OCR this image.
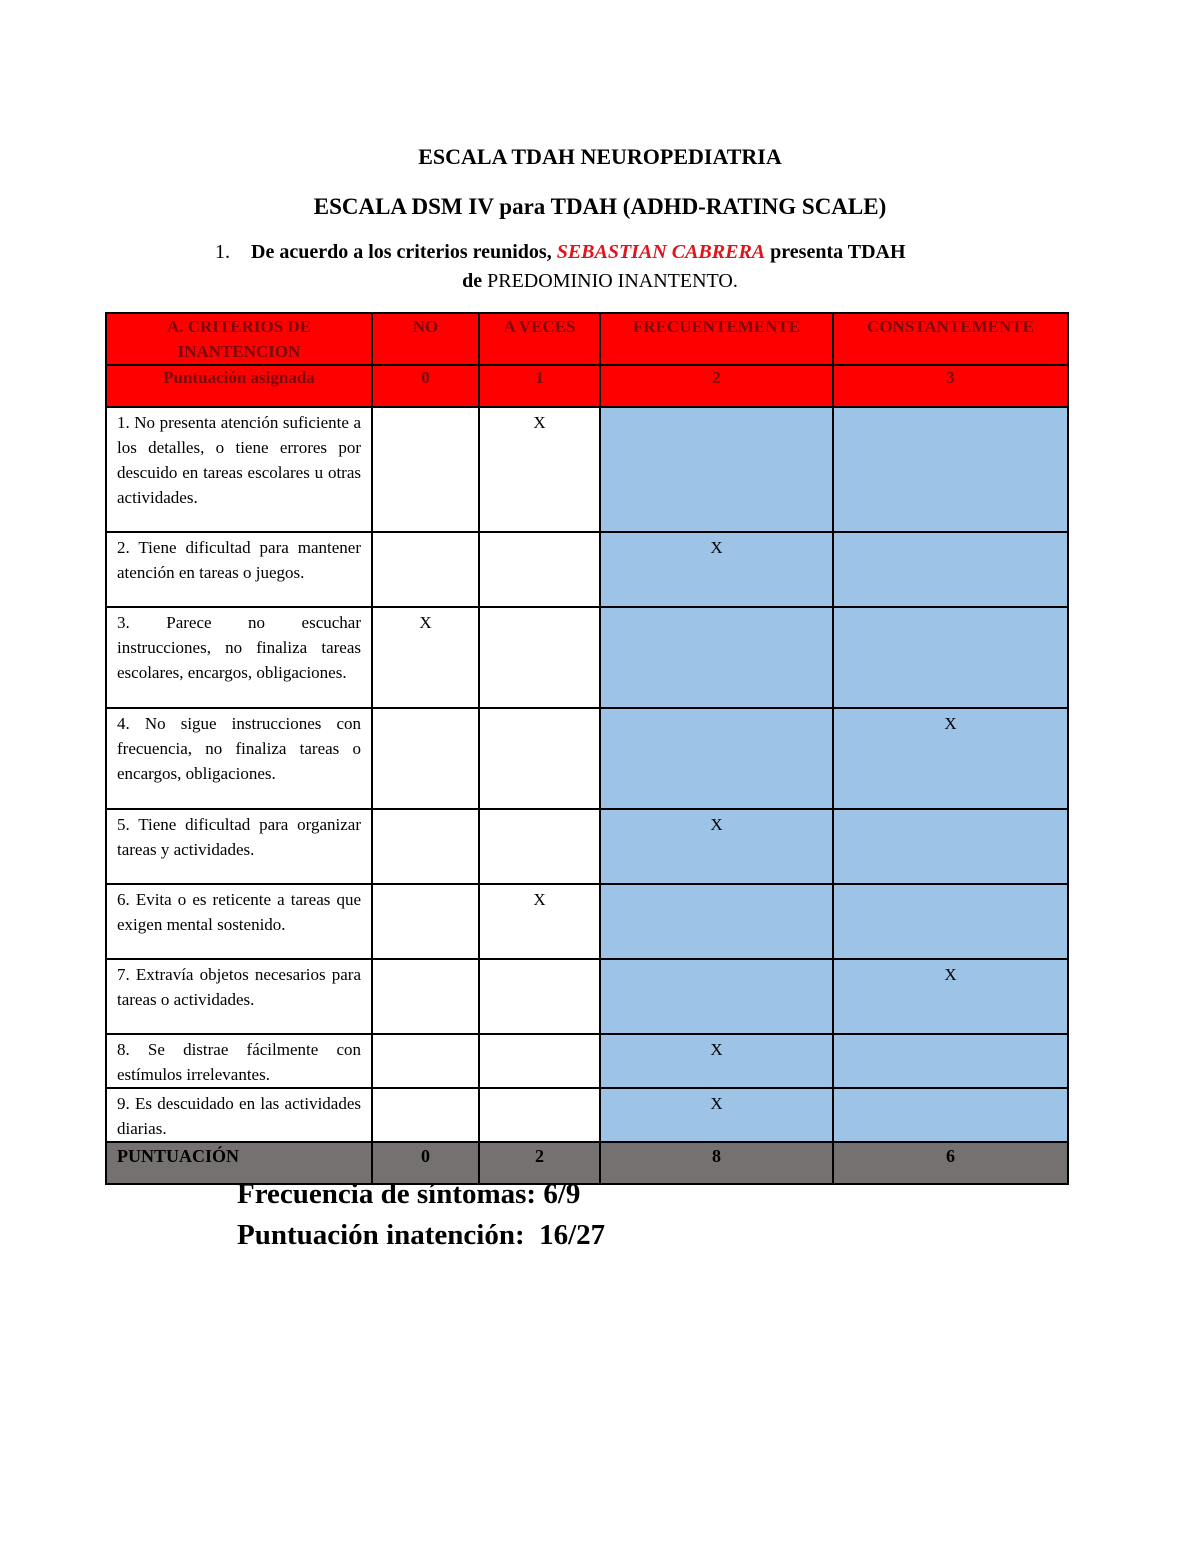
ESCALA TDAH NEUROPEDIATRIA
ESCALA DSM IV para TDAH (ADHD-RATING SCALE)
1. De acuerdo a los criterios reunidos, SEBASTIAN CABRERA presenta TDAH
de PREDOMINIO INANTENTO.
A. CRITERIOS DE INANTENCION	NO	A VECES	FRECUENTEMENTE	CONSTANTEMENTE
Puntuación asignada	0	1	2	3
1. No presenta atención suficiente a los detalles, o tiene errores por descuido en tareas escolares u otras actividades.		X		
2. Tiene dificultad para mantener atención en tareas o juegos.			X	
3. Parece no escuchar instrucciones, no finaliza tareas escolares, encargos, obligaciones.	X			
4. No sigue instrucciones con frecuencia, no finaliza tareas o encargos, obligaciones.				X
5. Tiene dificultad para organizar tareas y actividades.			X	
6. Evita o es reticente a tareas que exigen mental sostenido.		X		
7. Extravía objetos necesarios para tareas o actividades.				X
8. Se distrae fácilmente con estímulos irrelevantes.			X	
9. Es descuidado en las actividades diarias.			X	
PUNTUACIÓN	0	2	8	6
Frecuencia de síntomas: 6/9
Puntuación inatención:  16/27
